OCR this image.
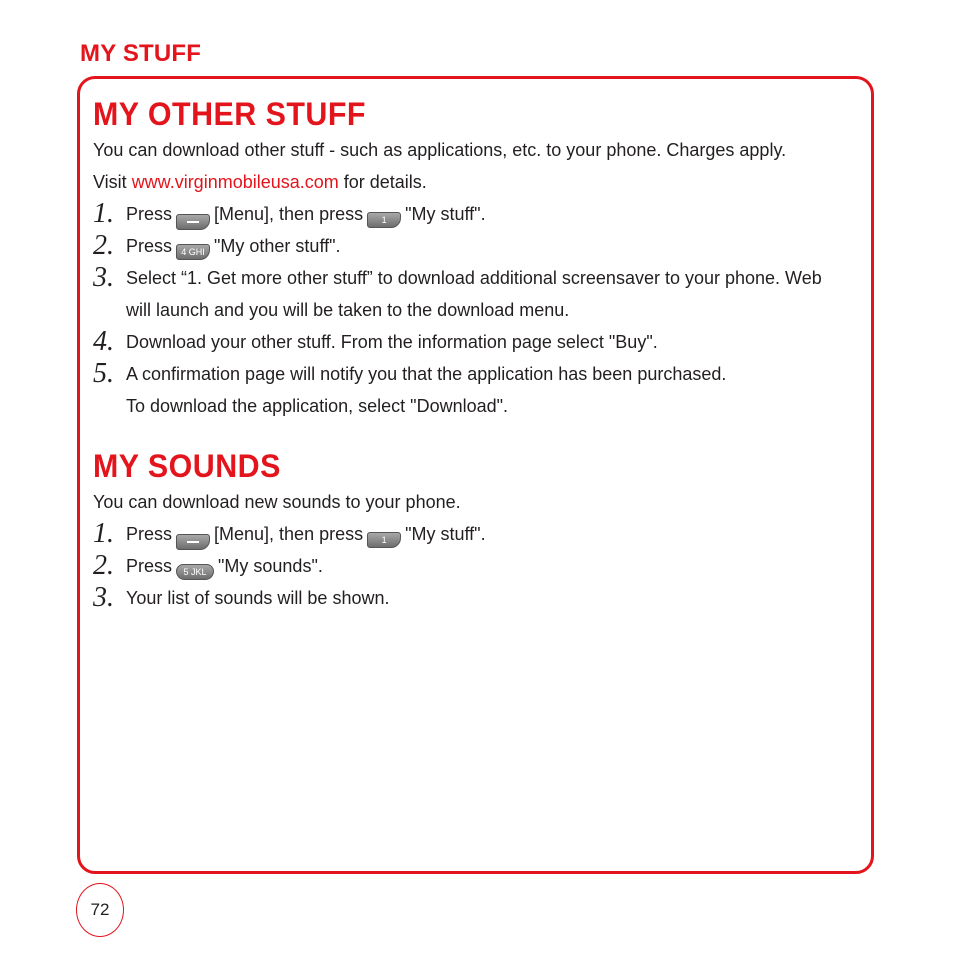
MY STUFF
MY OTHER STUFF

You can download other stuff - such as applications, etc. to your phone. Charges apply.

Visit www.virginmobileusa.com for details.

1. Press [Menu], then press 1 "My stuff".
2. Press 4 GHI "My other stuff".
3. Select “1. Get more other stuff” to download additional screensaver to your phone. Web will launch and you will be taken to the download menu.
4. Download your other stuff. From the information page select "Buy".
5. A confirmation page will notify you that the application has been purchased.
To download the application, select "Download".
MY SOUNDS

You can download new sounds to your phone.

1. Press [Menu], then press 1 "My stuff".
2. Press 5 JKL "My sounds".
3. Your list of sounds will be shown.
72
